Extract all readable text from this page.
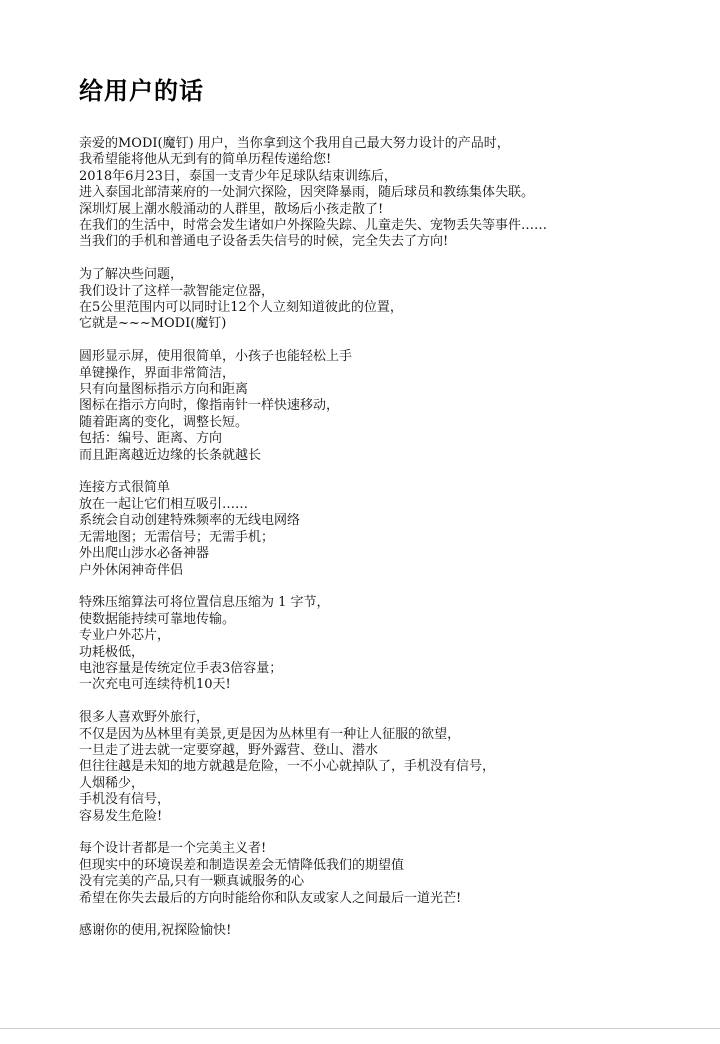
给用户的话

亲爱的MODI(魔钉) 用户，当你拿到这个我用自己最大努力设计的产品时，
我希望能将他从无到有的简单历程传递给您!
2018年6月23日，泰国一支青少年足球队结束训练后，
进入泰国北部清莱府的一处洞穴探险，因突降暴雨，随后球员和教练集体失联。
深圳灯展上潮水般涌动的人群里，散场后小孩走散了!
在我们的生活中，时常会发生诸如户外探险失踪、儿童走失、宠物丢失等事件……
当我们的手机和普通电子设备丢失信号的时候，完全失去了方向!

为了解决些问题，
我们设计了这样一款智能定位器，
在5公里范围内可以同时让12个人立刻知道彼此的位置，
它就是~~~MODI(魔钉)

圆形显示屏，使用很简单，小孩子也能轻松上手
单键操作，界面非常简洁，
只有向量图标指示方向和距离
图标在指示方向时，像指南针一样快速移动，
随着距离的变化，调整长短。
包括：编号、距离、方向
而且距离越近边缘的长条就越长

连接方式很简单
放在一起让它们相互吸引……
系统会自动创建特殊频率的无线电网络
无需地图；无需信号；无需手机；
外出爬山涉水必备神器
户外休闲神奇伴侣

特殊压缩算法可将位置信息压缩为 1 字节，
使数据能持续可靠地传输。
专业户外芯片，
功耗极低，
电池容量是传统定位手表3倍容量；
一次充电可连续待机10天!

很多人喜欢野外旅行，
不仅是因为丛林里有美景,更是因为丛林里有一种让人征服的欲望，
一旦走了进去就一定要穿越，野外露营、登山、潜水
但往往越是未知的地方就越是危险，一不小心就掉队了，手机没有信号，
人烟稀少，
手机没有信号，
容易发生危险!

每个设计者都是一个完美主义者!
但现实中的环境误差和制造误差会无情降低我们的期望值
没有完美的产品,只有一颗真诚服务的心
希望在你失去最后的方向时能给你和队友或家人之间最后一道光芒!

感谢你的使用,祝探险愉快!
